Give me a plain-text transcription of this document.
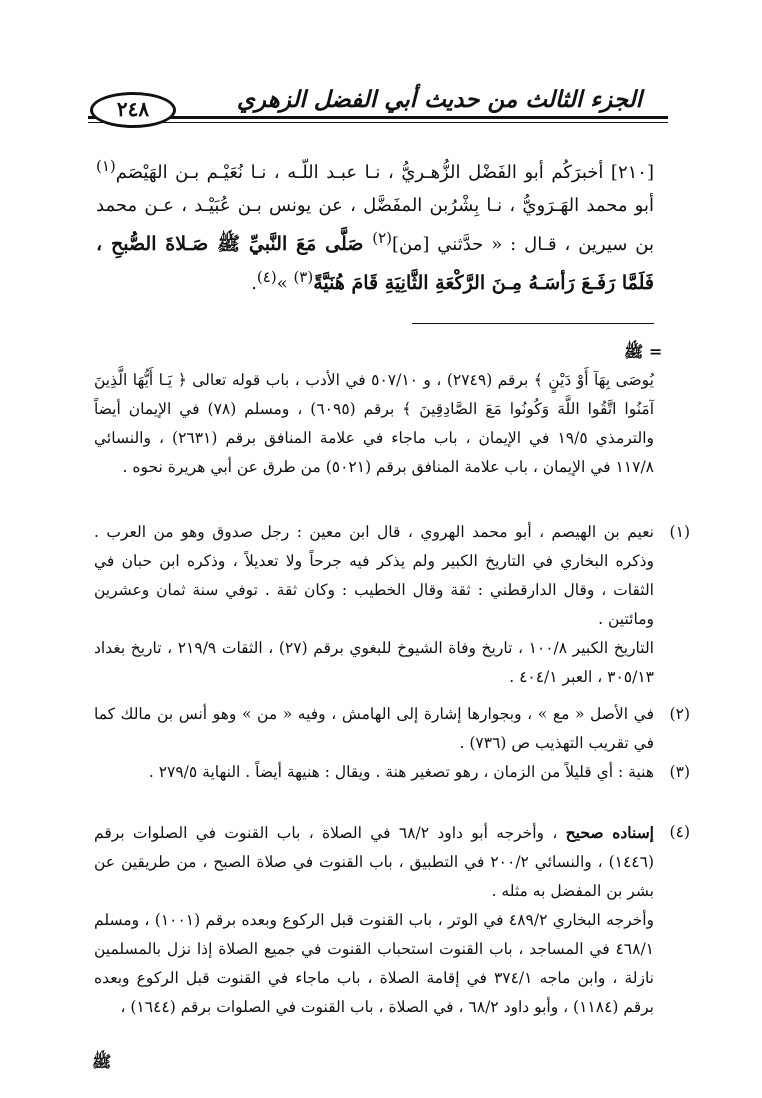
الجزء الثالث من حديث أبي الفضل الزهري
٢٤٨
[٢١٠] أخبرَكُم أبو الفَضْل الزُّهـريُّ ، نـا عبـد اللّـه ، نـا نُعَيْـم بـن الهَيْصَم$^{(١)}$ أبو محمد الهَـرَويُّ ، نـا بِشْرُبن المفَضَّل ، عن يونس بـن عُبَيْـد ، عـن محمد بن سيرين ، قـال : « حدَّثني [من]$^{(٢)}$ صَلَّى مَعَ النَّبيِّ ﷺ صَـلاةَ الصُّبحِ ، فَلَمَّا رَفَـعَ رَأسَـهُ مِـنَ الرَّكْعَةِ الثَّانِيَةِ قَامَ هُنَيَّةً$^{(٣)}$ »$^{(٤)}$.
= ﷺ
يُوصَى بِهَآ أَوْ دَيْنٍ ﴾ برقم (٢٧٤٩) ، و ٥٠٧/١٠ في الأدب ، باب قوله تعالى ﴿ يَـا أَيُّهَا الَّذِينَ آمَنُوا اتَّقُوا اللَّهَ وَكُونُوا مَعَ الصَّادِقِينَ ﴾ برقم (٦٠٩٥) ، ومسلم (٧٨) في الإيمان أيضاً والترمذي ١٩/٥ في الإيمان ، باب ماجاء في علامة المنافق برقم (٢٦٣١) ، والنسائي ١١٧/٨ في الإيمان ، باب علامة المنافق برقم (٥٠٢١) من طرق عن أبي هريرة نحوه .
(١)
نعيم بن الهيصم ، أبو محمد الهروي ، قال ابن معين : رجل صدوق وهو من العرب . وذكره البخاري في التاريخ الكبير ولم يذكر فيه جرحاً ولا تعديلاً ، وذكره ابن حبان في الثقات ، وقال الدارقطني : ثقة وقال الخطيب : وكان ثقة . توفي سنة ثمان وعشرين ومائتين .
التاريخ الكبير ١٠٠/٨ ، تاريخ وفاة الشيوخ للبغوي برقم (٢٧) ، الثقات ٢١٩/٩ ، تاريخ بغداد ٣٠٥/١٣ ، العبر ٤٠٤/١ .
(٢)
في الأصل « مع » ، وبجوارها إشارة إلى الهامش ، وفيه « من » وهو أنس بن مالك كما في تقريب التهذيب ص (٧٣٦) .
(٣)
هنية : أي قليلاً من الزمان ، رهو تصغير هنة . ويقال : هنيهة أيضاً . النهاية ٢٧٩/٥ .
(٤)
إسناده صحيح ، وأخرجه أبو داود ٦٨/٢ في الصلاة ، باب القنوت في الصلوات برقم (١٤٤٦) ، والنسائي ٢٠٠/٢ في التطبيق ، باب القنوت في صلاة الصبح ، من طريقين عن بشر بن المفضل به مثله .
وأخرجه البخاري ٤٨٩/٢ في الوتر ، باب القنوت قبل الركوع وبعده برقم (١٠٠١) ، ومسلم ٤٦٨/١ في المساجد ، باب القنوت استحباب القنوت في جميع الصلاة إذا نزل بالمسلمين نازلة ، وابن ماجه ٣٧٤/١ في إقامة الصلاة ، باب ماجاء في القنوت قبل الركوع وبعده برقم (١١٨٤) ، وأبو داود ٦٨/٢ ، في الصلاة ، باب القنوت في الصلوات برقم (١٦٤٤) ،
ﷺ
